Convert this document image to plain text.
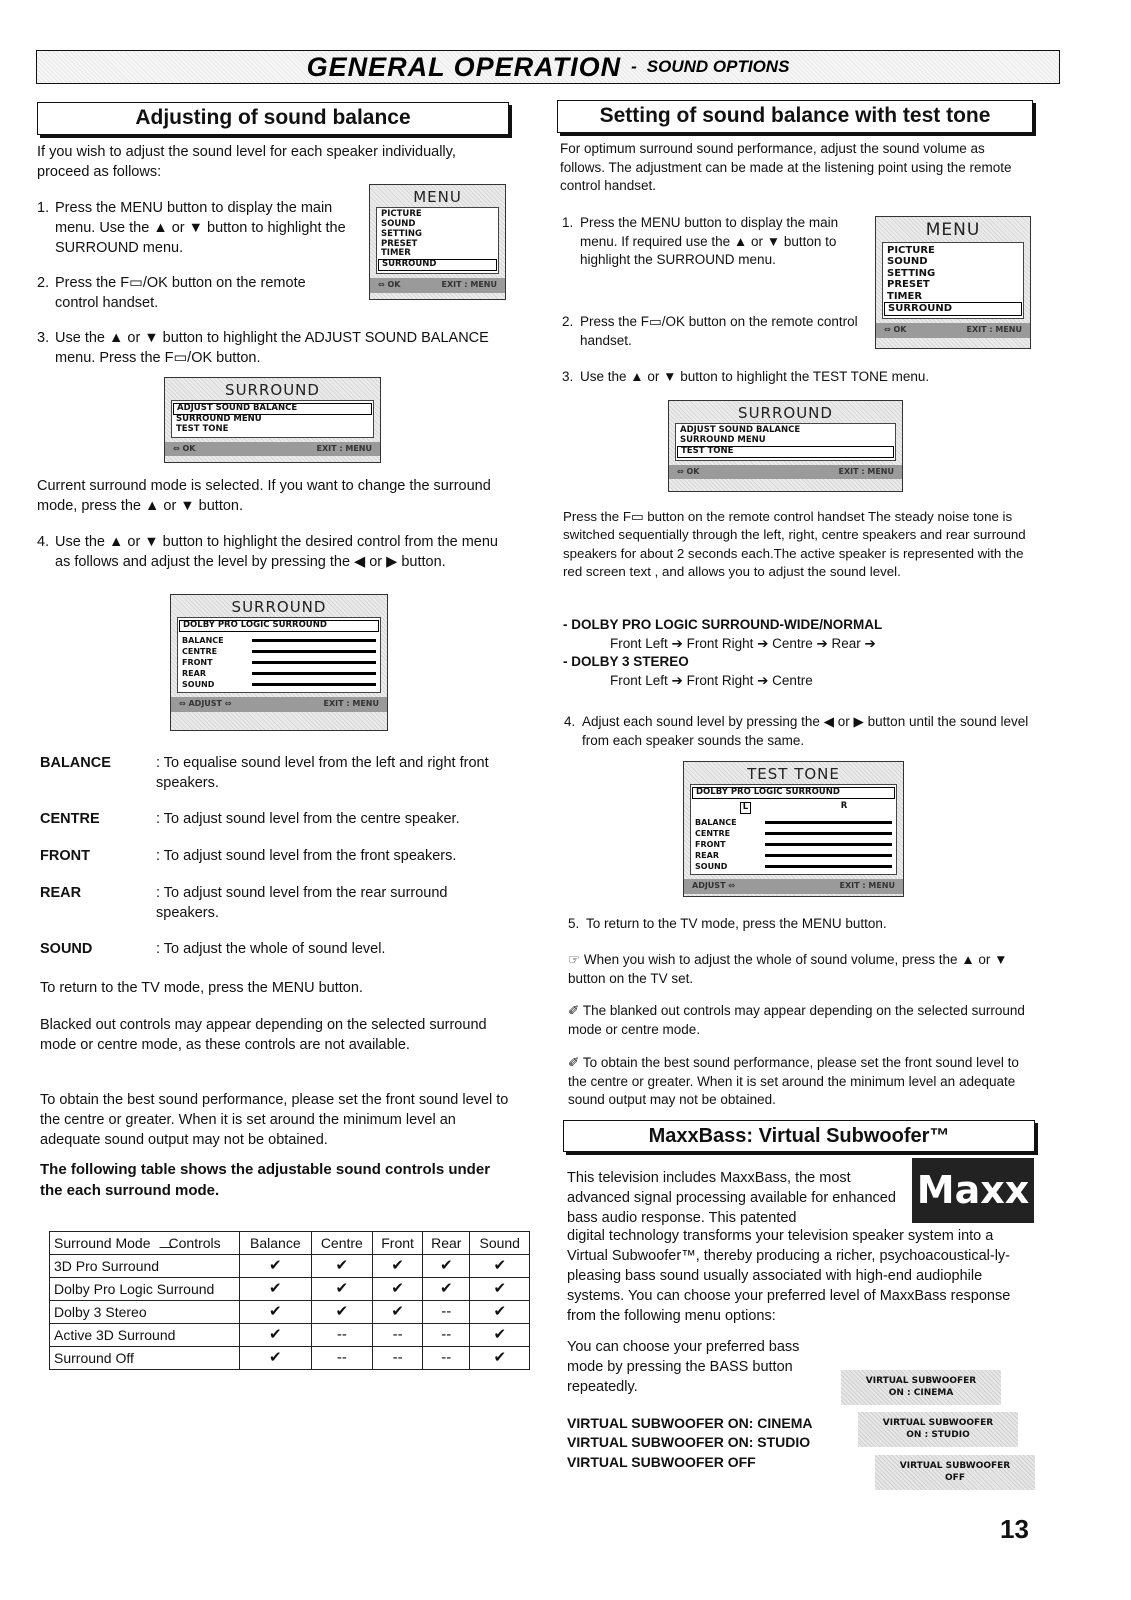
GENERAL OPERATION - SOUND OPTIONS
Adjusting of sound balance

If you wish to adjust the sound level for each speaker individually, proceed as follows:

1. Press the MENU button to display the main menu. Use the ▲ or ▼ button to highlight the SURROUND menu.
2. Press the F▭/OK button on the remote control handset.
MENU
PICTURE
SOUND
SETTING
PRESET
TIMER
SURROUND
⇔ OK	EXIT : MENU
3. Use the ▲ or ▼ button to highlight the ADJUST SOUND BALANCE menu. Press the F▭/OK button.
SURROUND
ADJUST SOUND BALANCE
SURROUND MENU
TEST TONE
⇔ OK	EXIT : MENU

Current surround mode is selected. If you want to change the surround mode, press the ▲ or ▼ button.

4. Use the ▲ or ▼ button to highlight the desired control from the menu as follows and adjust the level by pressing the ◀ or ▶ button.
SURROUND
DOLBY PRO LOGIC SURROUND
BALANCE
CENTRE
FRONT
REAR
SOUND
⇔ ADJUST ⇔	EXIT : MENU
BALANCE	: To equalise sound level from the left and right front speakers.
CENTRE	: To adjust sound level from the centre speaker.
FRONT	: To adjust sound level from the front speakers.
REAR	: To adjust sound level from the rear surround speakers.
SOUND	: To adjust the whole of sound level.

To return to the TV mode, press the MENU button.

Blacked out controls may appear depending on the selected surround mode or centre mode, as these controls are not available.

To obtain the best sound performance, please set the front sound level to the centre or greater. When it is set around the minimum level an adequate sound output may not be obtained.

The following table shows the adjustable sound controls under the each surround mode.

Surround Mode Controls	Balance	Centre	Front	Rear	Sound
3D Pro Surround	✔	✔	✔	✔	✔
Dolby Pro Logic Surround	✔	✔	✔	✔	✔
Dolby 3 Stereo	✔	✔	✔	--	✔
Active 3D Surround	✔	--	--	--	✔
Surround Off	✔	--	--	--	✔
Setting of sound balance with test tone

For optimum surround sound performance, adjust the sound volume as follows. The adjustment can be made at the listening point using the remote control handset.

1. Press the MENU button to display the main menu. If required use the ▲ or ▼ button to highlight the SURROUND menu.
2. Press the F▭/OK button on the remote control handset.
MENU
PICTURE
SOUND
SETTING
PRESET
TIMER
SURROUND
⇔ OK	EXIT : MENU
3. Use the ▲ or ▼ button to highlight the TEST TONE menu.
SURROUND
ADJUST SOUND BALANCE
SURROUND MENU
TEST TONE
⇔ OK	EXIT : MENU

Press the F▭ button on the remote control handset The steady noise tone is switched sequentially through the left, right, centre speakers and rear surround speakers for about 2 seconds each.The active speaker is represented with the red screen text , and allows you to adjust the sound level.

- DOLBY PRO LOGIC SURROUND-WIDE/NORMAL
Front Left ➔ Front Right ➔ Centre ➔ Rear ➔
- DOLBY 3 STEREO
Front Left ➔ Front Right ➔ Centre
4. Adjust each sound level by pressing the ◀ or ▶ button until the sound level from each speaker sounds the same.
TEST TONE
DOLBY PRO LOGIC SURROUND
L	R
BALANCE
CENTRE
FRONT
REAR
SOUND
ADJUST ⇔	EXIT : MENU
5. To return to the TV mode, press the MENU button.

☞ When you wish to adjust the whole of sound volume, press the ▲ or ▼ button on the TV set.

✐ The blanked out controls may appear depending on the selected surround mode or centre mode.

✐ To obtain the best sound performance, please set the front sound level to the centre or greater. When it is set around the minimum level an adequate sound output may not be obtained.

MaxxBass: Virtual Subwoofer™

This television includes MaxxBass, the most advanced signal processing available for enhanced bass audio response. This patented

Maxx

digital technology transforms your television speaker system into a Virtual Subwoofer™, thereby producing a richer, psychoacoustical-ly-pleasing bass sound usually associated with high-end audiophile systems. You can choose your preferred level of MaxxBass response from the following menu options:

You can choose your preferred bass mode by pressing the BASS button repeatedly.

VIRTUAL SUBWOOFER ON: CINEMA
VIRTUAL SUBWOOFER ON: STUDIO
VIRTUAL SUBWOOFER OFF
VIRTUAL SUBWOOFER
ON : CINEMA
VIRTUAL SUBWOOFER
ON : STUDIO
VIRTUAL SUBWOOFER
OFF
13
